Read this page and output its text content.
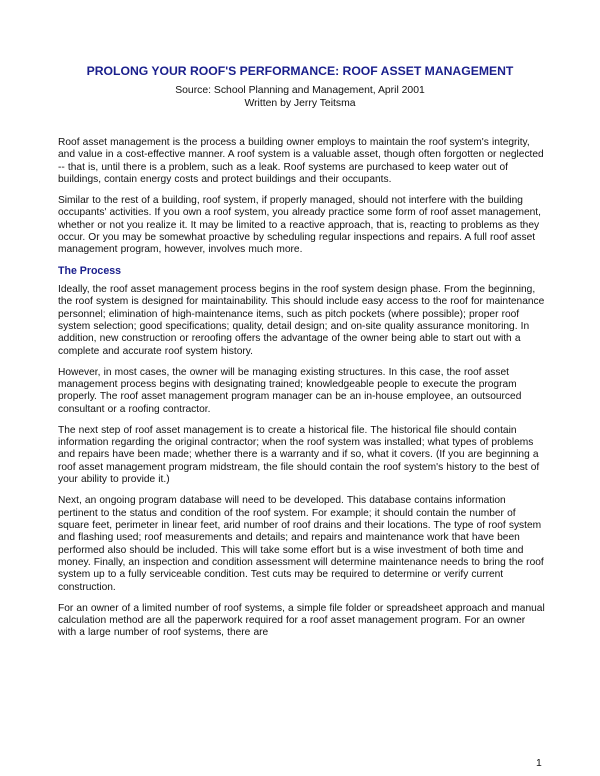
PROLONG YOUR ROOF'S PERFORMANCE: ROOF ASSET MANAGEMENT

Source: School Planning and Management, April 2001

Written by Jerry Teitsma

Roof asset management is the process a building owner employs to maintain the roof system's integrity, and value in a cost-effective manner. A roof system is a valuable asset, though often forgotten or neglected -- that is, until there is a problem, such as a leak. Roof systems are purchased to keep water out of buildings, contain energy costs and protect buildings and their occupants.

Similar to the rest of a building, roof system, if properly managed, should not interfere with the building occupants' activities. If you own a roof system, you already practice some form of roof asset management, whether or not you realize it. It may be limited to a reactive approach, that is, reacting to problems as they occur. Or you may be somewhat proactive by scheduling regular inspections and repairs. A full roof asset management program, however, involves much more.

The Process

Ideally, the roof asset management process begins in the roof system design phase. From the beginning, the roof system is designed for maintainability. This should include easy access to the roof for maintenance personnel; elimination of high-maintenance items, such as pitch pockets (where possible); proper roof system selection; good specifications; quality, detail design; and on-site quality assurance monitoring. In addition, new construction or reroofing offers the advantage of the owner being able to start out with a complete and accurate roof system history.

However, in most cases, the owner will be managing existing structures. In this case, the roof asset management process begins with designating trained; knowledgeable people to execute the program properly. The roof asset management program manager can be an in-house employee, an outsourced consultant or a roofing contractor.

The next step of roof asset management is to create a historical file. The historical file should contain information regarding the original contractor; when the roof system was installed; what types of problems and repairs have been made; whether there is a warranty and if so, what it covers. (If you are beginning a roof asset management program midstream, the file should contain the roof system's history to the best of your ability to provide it.)

Next, an ongoing program database will need to be developed. This database contains information pertinent to the status and condition of the roof system. For example; it should contain the number of square feet, perimeter in linear feet, arid number of roof drains and their locations. The type of roof system and flashing used; roof measurements and details; and repairs and maintenance work that have been performed also should be included. This will take some effort but is a wise investment of both time and money. Finally, an inspection and condition assessment will determine maintenance needs to bring the roof system up to a fully serviceable condition. Test cuts may be required to determine or verify current construction.

For an owner of a limited number of roof systems, a simple file folder or spreadsheet approach and manual calculation method are all the paperwork required for a roof asset management program. For an owner with a large number of roof systems, there are

1
